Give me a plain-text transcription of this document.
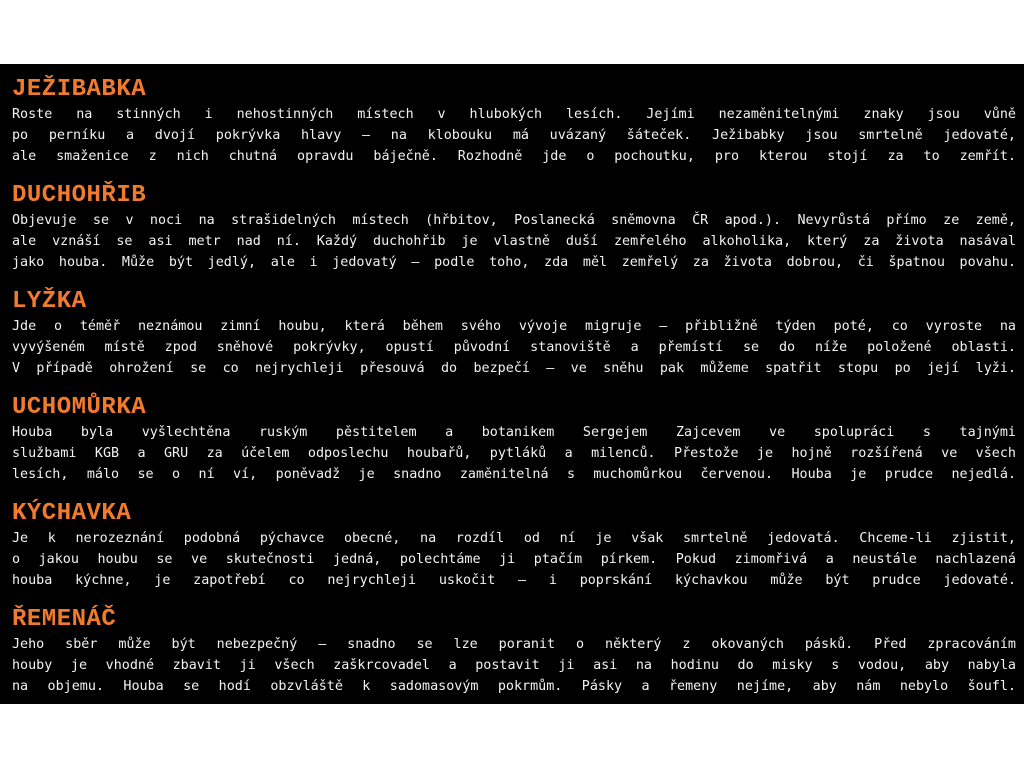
JEŽIBABKA

Roste na stinných i nehostinných místech v hlubokých lesích. Jejími nezaměnitelnými znaky jsou vůně
po perníku a dvojí pokrývka hlavy – na klobouku má uvázaný šáteček. Ježibabky jsou smrtelně jedovaté,
ale smaženice z nich chutná opravdu báječně. Rozhodně jde o pochoutku, pro kterou stojí za to zemřít.

DUCHOHŘIB

Objevuje se v noci na strašidelných místech (hřbitov, Poslanecká sněmovna ČR apod.). Nevyrůstá přímo ze země,
ale vznáší se asi metr nad ní. Každý duchohřib je vlastně duší zemřelého alkoholika, který za života nasával
jako houba. Může být jedlý, ale i jedovatý – podle toho, zda měl zemřelý za života dobrou, či špatnou povahu.

LYŽKA

Jde o téměř neznámou zimní houbu, která během svého vývoje migruje – přibližně týden poté, co vyroste na
vyvýšeném místě zpod sněhové pokrývky, opustí původní stanoviště a přemístí se do níže položené oblasti.
V případě ohrožení se co nejrychleji přesouvá do bezpečí – ve sněhu pak můžeme spatřit stopu po její lyži.

UCHOMŮRKA

Houba byla vyšlechtěna ruským pěstitelem a botanikem Sergejem Zajcevem ve spolupráci s tajnými
službami KGB a GRU za účelem odposlechu houbařů, pytláků a milenců. Přestože je hojně rozšířená ve všech
lesích, málo se o ní ví, poněvadž je snadno zaměnitelná s muchomůrkou červenou. Houba je prudce nejedlá.

KÝCHAVKA

Je k nerozeznání podobná pýchavce obecné, na rozdíl od ní je však smrtelně jedovatá. Chceme-li zjistit,
o jakou houbu se ve skutečnosti jedná, polechtáme ji ptačím pírkem. Pokud zimomřivá a neustále nachlazená
houba kýchne, je zapotřebí co nejrychleji uskočit – i poprskání kýchavkou může být prudce jedovaté.

ŘEMENÁČ

Jeho sběr může být nebezpečný – snadno se lze poranit o některý z okovaných pásků. Před zpracováním
houby je vhodné zbavit ji všech zaškrcovadel a postavit ji asi na hodinu do misky s vodou, aby nabyla
na objemu. Houba se hodí obzvláště k sadomasovým pokrmům. Pásky a řemeny nejíme, aby nám nebylo šoufl.
